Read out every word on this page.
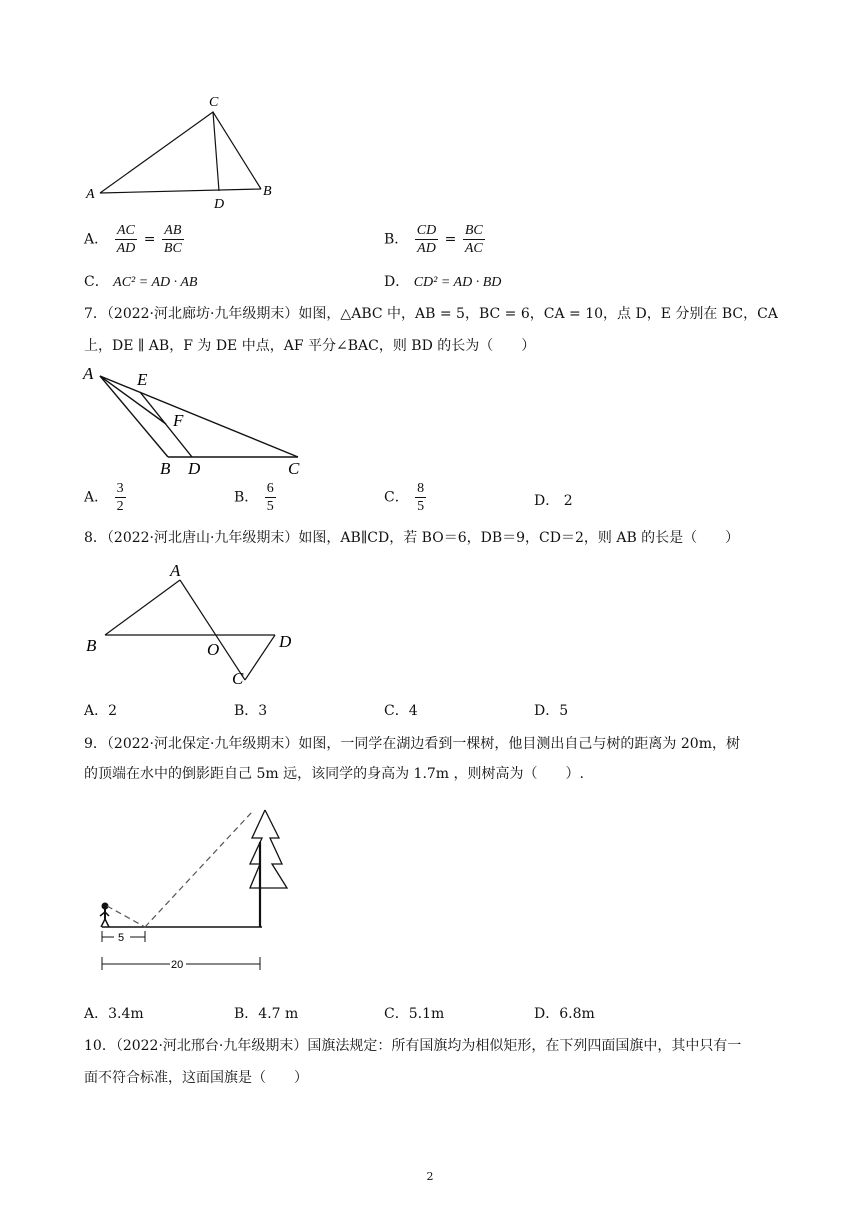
C
A
D
B
A． $\frac{AC}{AD} = \frac{AB}{BC}$	B． $\frac{CD}{AD} = \frac{BC}{AC}$
C． AC² = AD · AB	D． CD² = AD · BD
7．（2022·河北廊坊·九年级期末）如图，△ABC 中，AB = 5，BC = 6，CA = 10，点 D，E 分别在 BC，CA
上，DE ∥ AB，F 为 DE 中点，AF 平分∠BAC，则 BD 的长为（　　）
A	E
F
B D	C
A． $\frac{3}{2}$	B． $\frac{6}{5}$	C． $\frac{8}{5}$	D． 2
8．（2022·河北唐山·九年级期末）如图，AB∥CD，若 BO＝6，DB＝9，CD＝2，则 AB 的长是（　　）
A
B	O	D
C
A．2	B．3	C．4	D．5
9．（2022·河北保定·九年级期末）如图，一同学在湖边看到一棵树，他目测出自己与树的距离为 20m，树
的顶端在水中的倒影距自己 5m 远，该同学的身高为 1.7m ，则树高为（　　）.
5
20
A．3.4m	B．4.7 m	C．5.1m	D．6.8m
10．（2022·河北邢台·九年级期末）国旗法规定：所有国旗均为相似矩形，在下列四面国旗中，其中只有一
面不符合标准，这面国旗是（　　）
2
